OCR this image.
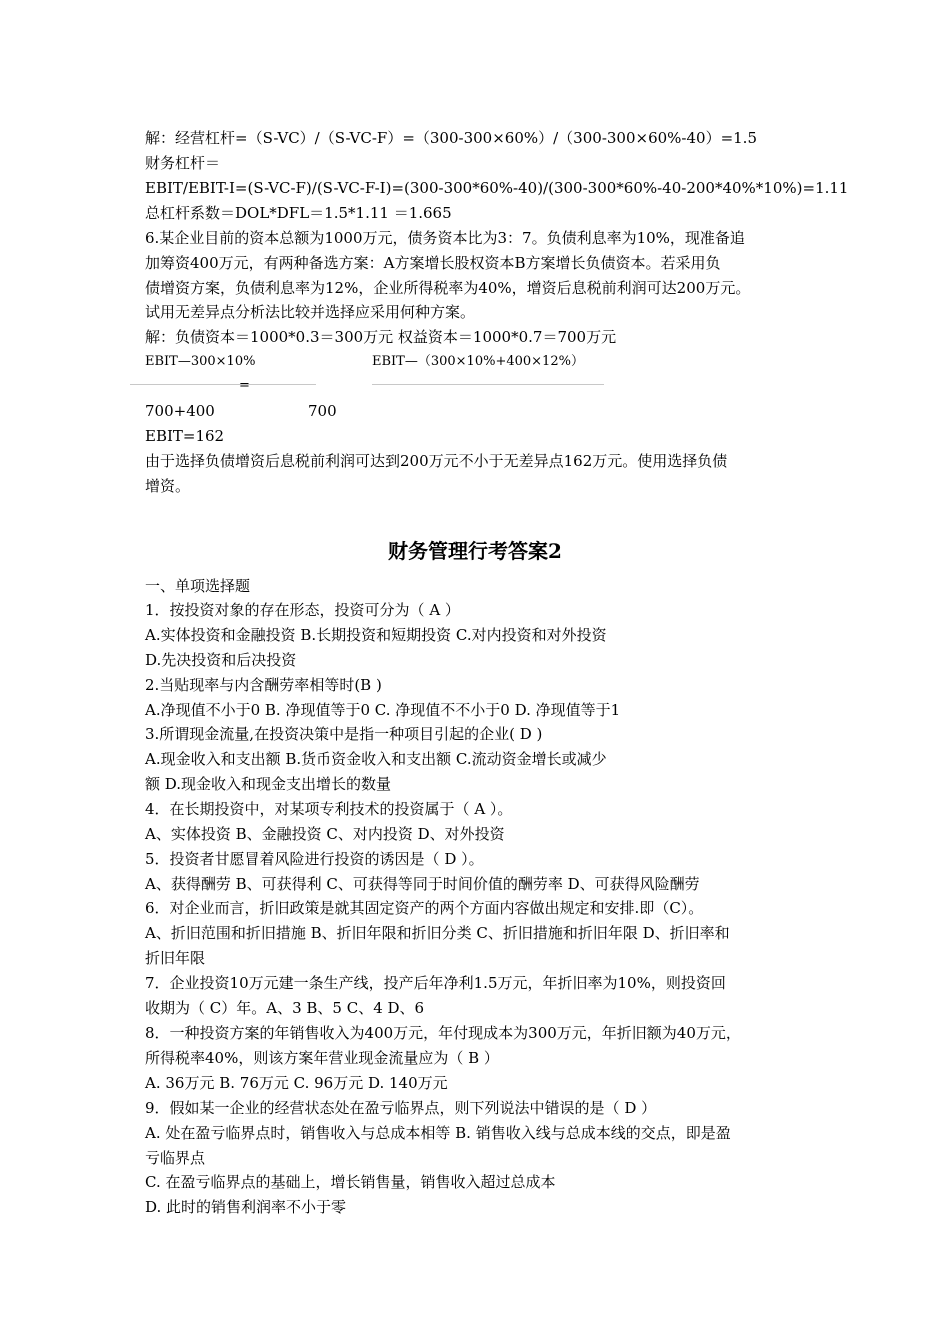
解：经营杠杆=（S-VC）/（S-VC-F）=（300-300×60%）/（300-300×60%-40）=1.5
财务杠杆＝
EBIT/EBIT-I=(S-VC-F)/(S-VC-F-I)=(300-300*60%-40)/(300-300*60%-40-200*40%*10%)=1.11
总杠杆系数＝DOL*DFL＝1.5*1.11 ＝1.665
6.某企业目前的资本总额为1000万元，债务资本比为3：7。负债利息率为10%，现准备追
加筹资400万元，有两种备选方案：A方案增长股权资本B方案增长负债资本。若采用负
债增资方案，负债利息率为12%，企业所得税率为40%，增资后息税前利润可达200万元。
试用无差异点分析法比较并选择应采用何种方案。
解：负债资本＝1000*0.3＝300万元 权益资本＝1000*0.7＝700万元
EBIT—300×10%	EBIT—（300×10%+400×12%）
=
700+400	700
EBIT=162
由于选择负债增资后息税前利润可达到200万元不小于无差异点162万元。使用选择负债
增资。
财务管理行考答案2
一、单项选择题
1．按投资对象的存在形态，投资可分为（ A ）
A.实体投资和金融投资 B.长期投资和短期投资 C.对内投资和对外投资
D.先决投资和后决投资
2.当贴现率与内含酬劳率相等时(B )
A.净现值不小于0 B. 净现值等于0 C. 净现值不不小于0 D. 净现值等于1
3.所谓现金流量,在投资决策中是指一种项目引起的企业( D )
A.现金收入和支出额 B.货币资金收入和支出额 C.流动资金增长或减少
额 D.现金收入和现金支出增长的数量
4．在长期投资中，对某项专利技术的投资属于（ A ）。
A、实体投资 B、金融投资 C、对内投资 D、对外投资
5．投资者甘愿冒着风险进行投资的诱因是（ D ）。
A、获得酬劳 B、可获得利 C、可获得等同于时间价值的酬劳率 D、可获得风险酬劳
6．对企业而言，折旧政策是就其固定资产的两个方面内容做出规定和安排.即（C）。
A、折旧范围和折旧措施 B、折旧年限和折旧分类 C、折旧措施和折旧年限 D、折旧率和
折旧年限
7．企业投资10万元建一条生产线，投产后年净利1.5万元，年折旧率为10%，则投资回
收期为（ C）年。A、3 B、5 C、4 D、6
8．一种投资方案的年销售收入为400万元，年付现成本为300万元，年折旧额为40万元，
所得税率40%，则该方案年营业现金流量应为（ B ）
A. 36万元 B. 76万元 C. 96万元 D. 140万元
9．假如某一企业的经营状态处在盈亏临界点，则下列说法中错误的是（ D ）
A. 处在盈亏临界点时，销售收入与总成本相等 B. 销售收入线与总成本线的交点，即是盈
亏临界点
C. 在盈亏临界点的基础上，增长销售量，销售收入超过总成本
D. 此时的销售利润率不小于零
